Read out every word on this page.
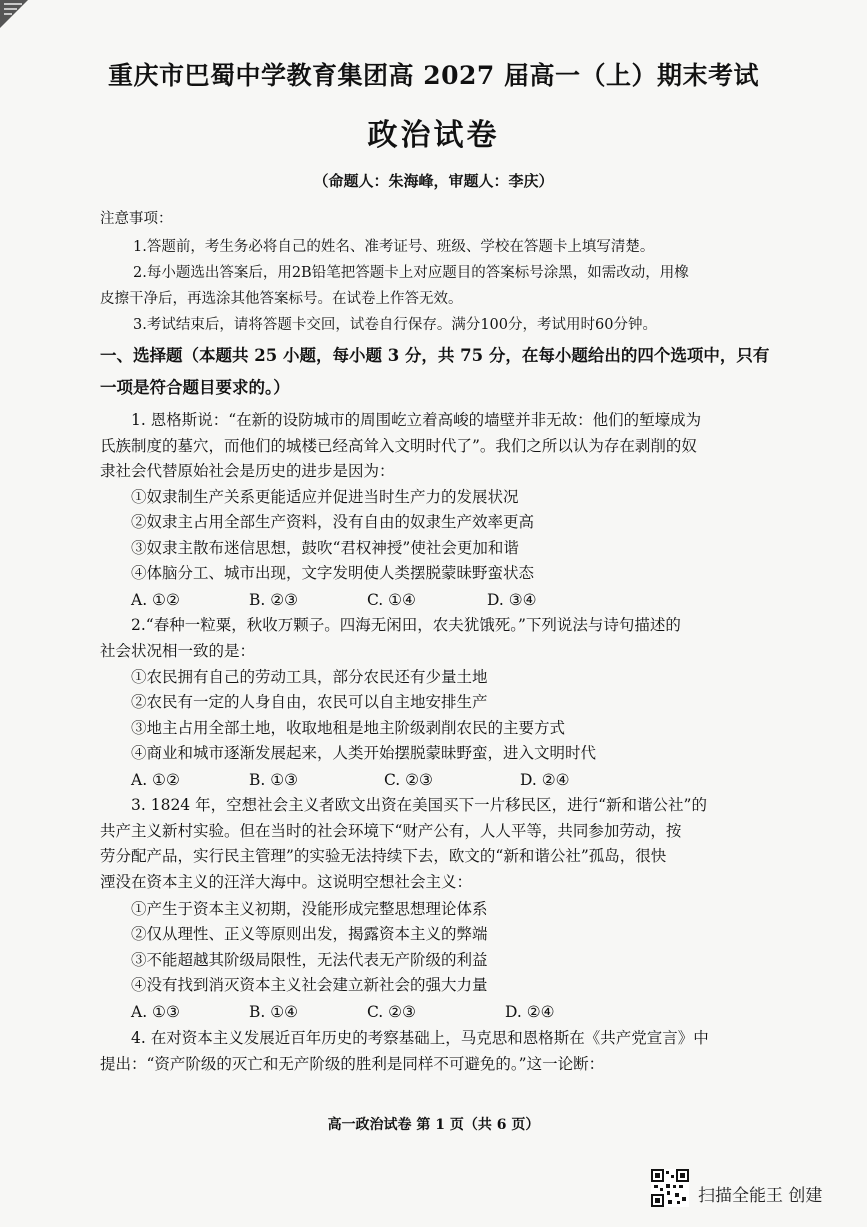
重庆市巴蜀中学教育集团高 2027 届高一（上）期末考试
政治试卷
（命题人：朱海峰，审题人：李庆）
注意事项：
1.答题前，考生务必将自己的姓名、准考证号、班级、学校在答题卡上填写清楚。
2.每小题选出答案后，用2B铅笔把答题卡上对应题目的答案标号涂黑，如需改动，用橡
皮擦干净后，再选涂其他答案标号。在试卷上作答无效。
3.考试结束后，请将答题卡交回，试卷自行保存。满分100分，考试用时60分钟。
一、选择题（本题共 25 小题，每小题 3 分，共 75 分，在每小题给出的四个选项中，只有
一项是符合题目要求的。）
1. 恩格斯说：“在新的设防城市的周围屹立着高峻的墙壁并非无故：他们的堑壕成为
氏族制度的墓穴，而他们的城楼已经高耸入文明时代了”。我们之所以认为存在剥削的奴
隶社会代替原始社会是历史的进步是因为：
①奴隶制生产关系更能适应并促进当时生产力的发展状况
②奴隶主占用全部生产资料，没有自由的奴隶生产效率更高
③奴隶主散布迷信思想，鼓吹“君权神授”使社会更加和谐
④体脑分工、城市出现，文字发明使人类摆脱蒙昧野蛮状态
A. ①②	B. ②③	C. ①④	D. ③④
2.“春种一粒粟，秋收万颗子。四海无闲田，农夫犹饿死。”下列说法与诗句描述的
社会状况相一致的是：
①农民拥有自己的劳动工具，部分农民还有少量土地
②农民有一定的人身自由，农民可以自主地安排生产
③地主占用全部土地，收取地租是地主阶级剥削农民的主要方式
④商业和城市逐渐发展起来，人类开始摆脱蒙昧野蛮，进入文明时代
A. ①②	B. ①③	C. ②③	D. ②④
3. 1824 年，空想社会主义者欧文出资在美国买下一片移民区，进行“新和谐公社”的
共产主义新村实验。但在当时的社会环境下“财产公有，人人平等，共同参加劳动，按
劳分配产品，实行民主管理”的实验无法持续下去，欧文的“新和谐公社”孤岛，很快
湮没在资本主义的汪洋大海中。这说明空想社会主义：
①产生于资本主义初期，没能形成完整思想理论体系
②仅从理性、正义等原则出发，揭露资本主义的弊端
③不能超越其阶级局限性，无法代表无产阶级的利益
④没有找到消灭资本主义社会建立新社会的强大力量
A. ①③	B. ①④	C. ②③	D. ②④
4. 在对资本主义发展近百年历史的考察基础上，马克思和恩格斯在《共产党宣言》中
提出：“资产阶级的灭亡和无产阶级的胜利是同样不可避免的。”这一论断：
高一政治试卷 第 1 页（共 6 页）
扫描全能王 创建
